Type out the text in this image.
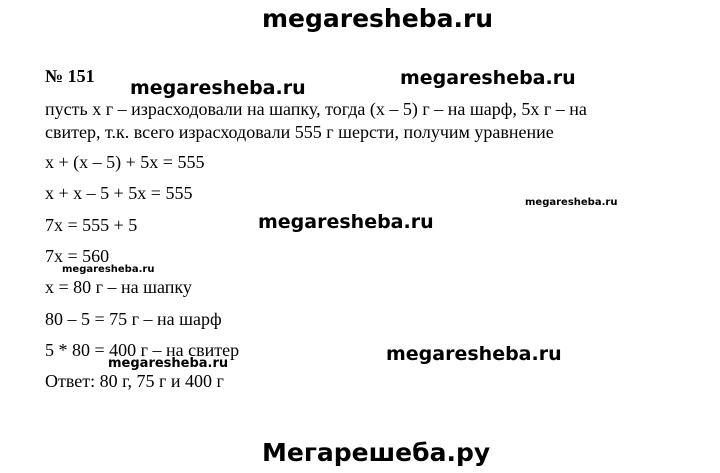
megaresheba.ru
№ 151
megaresheba.ru	megaresheba.ru
megaresheba.ru
megaresheba.ru
megaresheba.ru
megaresheba.ru
megaresheba.ru
пусть х г – израсходовали на шапку, тогда (х – 5) г – на шарф, 5х г – на
свитер, т.к. всего израсходовали 555 г шерсти, получим уравнение
х + (х – 5) + 5х = 555
х + х – 5 + 5х = 555
7х = 555 + 5
7х = 560
х = 80 г – на шапку
80 – 5 = 75 г – на шарф
5 * 80 = 400 г – на свитер
Ответ: 80 г, 75 г и 400 г
Мегарешеба.ру
